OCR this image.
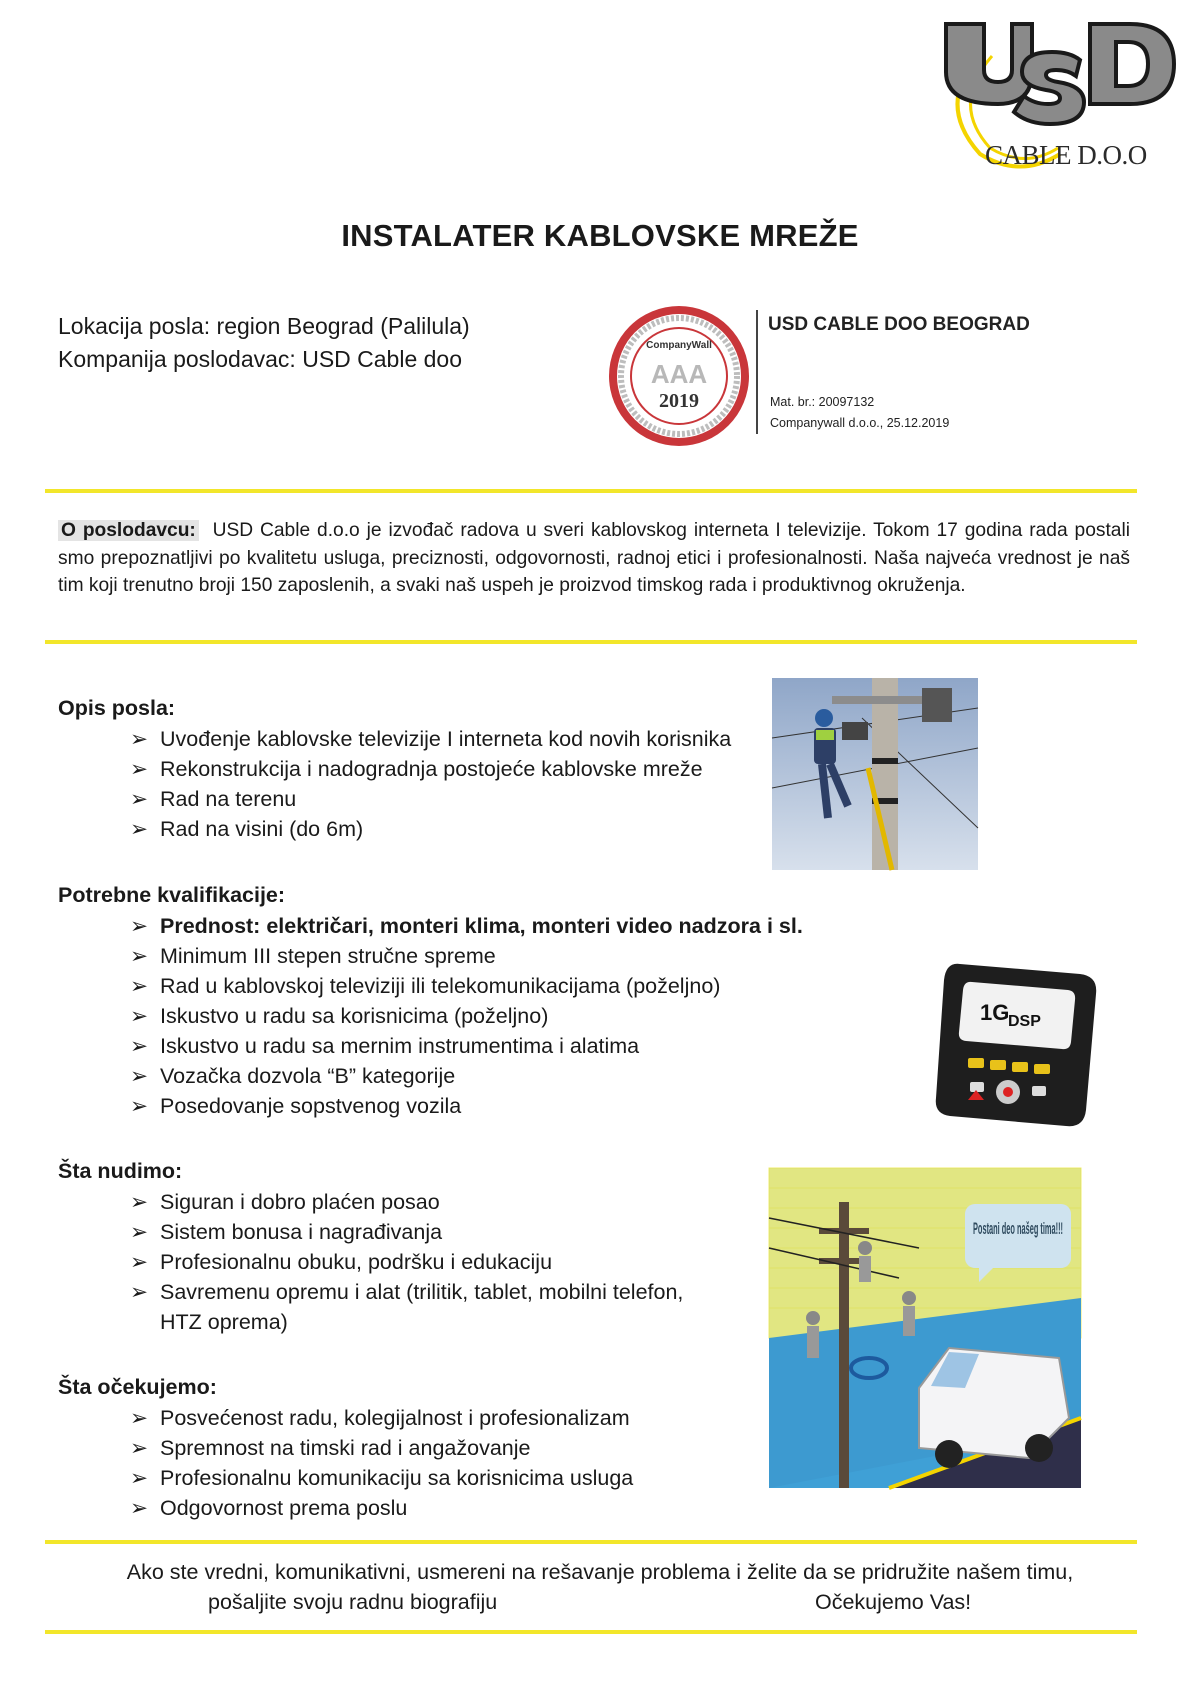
CABLE D.O.O
INSTALATER KABLOVSKE MREŽE
Lokacija posla: region Beograd (Palilula)
Kompanija poslodavac: USD Cable doo
CompanyWall
AAA
2019
USD CABLE DOO BEOGRAD
Mat. br.: 20097132
Companywall d.o.o., 25.12.2019
O poslodavcu: USD Cable d.o.o je izvođač radova u sveri kablovskog interneta I televizije. Tokom 17 godina rada postali smo prepoznatljivi po kvalitetu usluga, preciznosti, odgovornosti, radnoj etici i profesionalnosti. Naša najveća vrednost je naš tim koji trenutno broji 150 zaposlenih, a svaki naš uspeh je proizvod timskog rada i produktivnog okruženja.
Opis posla:
➢ Uvođenje kablovske televizije I interneta kod novih korisnika
➢ Rekonstrukcija i nadogradnja postojeće kablovske mreže
➢ Rad na terenu
➢ Rad na visini (do 6m)
Potrebne kvalifikacije:
➢ Prednost: električari, monteri klima, monteri video nadzora i sl.
➢ Minimum III stepen stručne spreme
➢ Rad u kablovskoj televiziji ili telekomunikacijama (poželjno)
➢ Iskustvo u radu sa korisnicima (poželjno)
➢ Iskustvo u radu sa mernim instrumentima i alatima
➢ Vozačka dozvola “B” kategorije
➢ Posedovanje sopstvenog vozila
1G
DSP
Šta nudimo:
➢ Siguran i dobro plaćen posao
➢ Sistem bonusa i nagrađivanja
➢ Profesionalnu obuku, podršku i edukaciju
➢ Savremenu opremu i alat (trilitik, tablet, mobilni telefon,
HTZ oprema)
Postani deo našeg tima!!!
Šta očekujemo:
➢ Posvećenost radu, kolegijalnost i profesionalizam
➢ Spremnost na timski rad i angažovanje
➢ Profesionalnu komunikaciju sa korisnicima usluga
➢ Odgovornost prema poslu
Ako ste vredni, komunikativni, usmereni na rešavanje problema i želite da se pridružite našem timu,
pošaljite svoju radnu biografiju	Očekujemo Vas!
